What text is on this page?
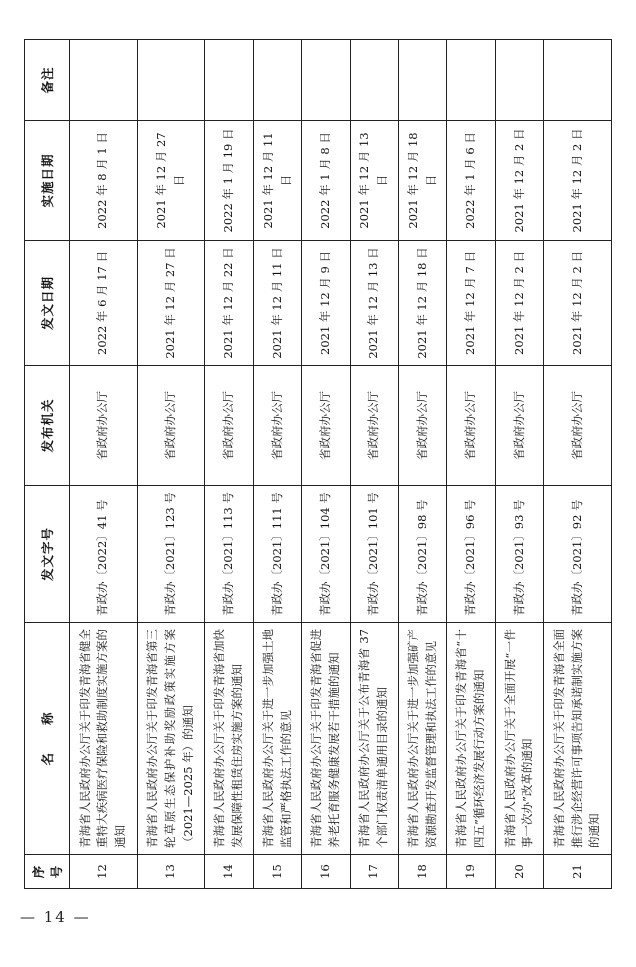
序号	名　　称	发文字号	发布机关	发文日期	实施日期	备注
12	青海省人民政府办公厅关于印发青海省健全重特大疾病医疗保险和救助制度实施方案的通知	青政办〔2022〕41 号	省政府办公厅	2022 年 6 月 17 日	2022 年 8 月 1 日	
13	青海省人民政府办公厅关于印发青海省第三轮草原生态保护补助奖励政策实施方案（2021—2025 年）的通知	青政办〔2021〕123 号	省政府办公厅	2021 年 12 月 27 日	2021 年 12 月 27 日	
14	青海省人民政府办公厅关于印发青海省加快发展保障性租赁住房实施方案的通知	青政办〔2021〕113 号	省政府办公厅	2021 年 12 月 22 日	2022 年 1 月 19 日	
15	青海省人民政府办公厅关于进一步加强土地监管和严格执法工作的意见	青政办〔2021〕111 号	省政府办公厅	2021 年 12 月 11 日	2021 年 12 月 11 日	
16	青海省人民政府办公厅关于印发青海省促进养老托育服务健康发展若干措施的通知	青政办〔2021〕104 号	省政府办公厅	2021 年 12 月 9 日	2022 年 1 月 8 日	
17	青海省人民政府办公厅关于公布青海省 37 个部门权责清单通用目录的通知	青政办〔2021〕101 号	省政府办公厅	2021 年 12 月 13 日	2021 年 12 月 13 日	
18	青海省人民政府办公厅关于进一步加强矿产资源勘查开发监督管理和执法工作的意见	青政办〔2021〕98 号	省政府办公厅	2021 年 12 月 18 日	2021 年 12 月 18 日	
19	青海省人民政府办公厅关于印发青海省“十四五”循环经济发展行动方案的通知	青政办〔2021〕96 号	省政府办公厅	2021 年 12 月 7 日	2022 年 1 月 6 日	
20	青海省人民政府办公厅关于全面开展“一件事一次办”改革的通知	青政办〔2021〕93 号	省政府办公厅	2021 年 12 月 2 日	2021 年 12 月 2 日	
21	青海省人民政府办公厅关于印发青海省全面推行涉企经营许可事项告知承诺制实施方案的通知	青政办〔2021〕92 号	省政府办公厅	2021 年 12 月 2 日	2021 年 12 月 2 日	
— 14 —
